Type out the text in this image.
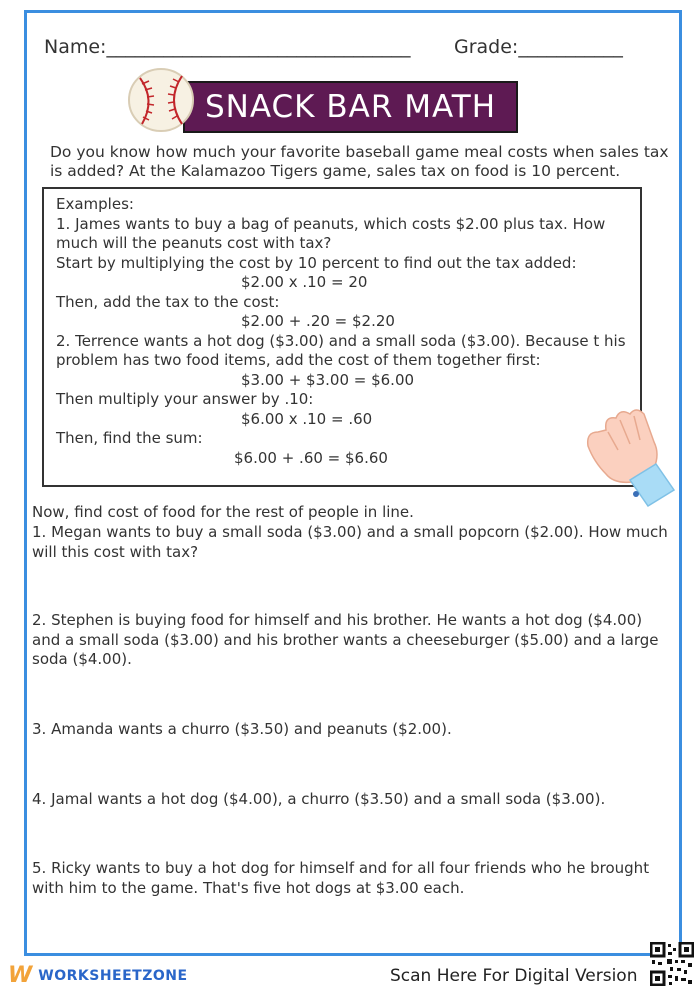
Name:________________________________ Grade:___________
SNACK BAR MATH
Do you know how much your favorite baseball game meal costs when sales tax is added? At the Kalamazoo Tigers game, sales tax on food is 10 percent.
Examples:
1. James wants to buy a bag of peanuts, which costs $2.00 plus tax. How much will the peanuts cost with tax?
Start by multiplying the cost by 10 percent to find out the tax added:
$2.00 x .10 = 20
Then, add the tax to the cost:
$2.00 + .20 = $2.20
2. Terrence wants a hot dog ($3.00) and a small soda ($3.00). Because t his problem has two food items, add the cost of them together first:
$3.00 + $3.00 = $6.00
Then multiply your answer by .10:
$6.00 x .10 = .60
Then, find the sum:
$6.00 + .60 = $6.60
Now, find cost of food for the rest of people in line.
1. Megan wants to buy a small soda ($3.00) and a small popcorn ($2.00). How much will this cost with tax?
2. Stephen is buying food for himself and his brother. He wants a hot dog ($4.00) and a small soda ($3.00) and his brother wants a cheeseburger ($5.00) and a large soda ($4.00).
3. Amanda wants a churro ($3.50) and peanuts ($2.00).
4. Jamal wants a hot dog ($4.00), a churro ($3.50) and a small soda ($3.00).
5. Ricky wants to buy a hot dog for himself and for all four friends who he brought with him to the game. That's five hot dogs at $3.00 each.
W WORKSHEETZONE	Scan Here For Digital Version
